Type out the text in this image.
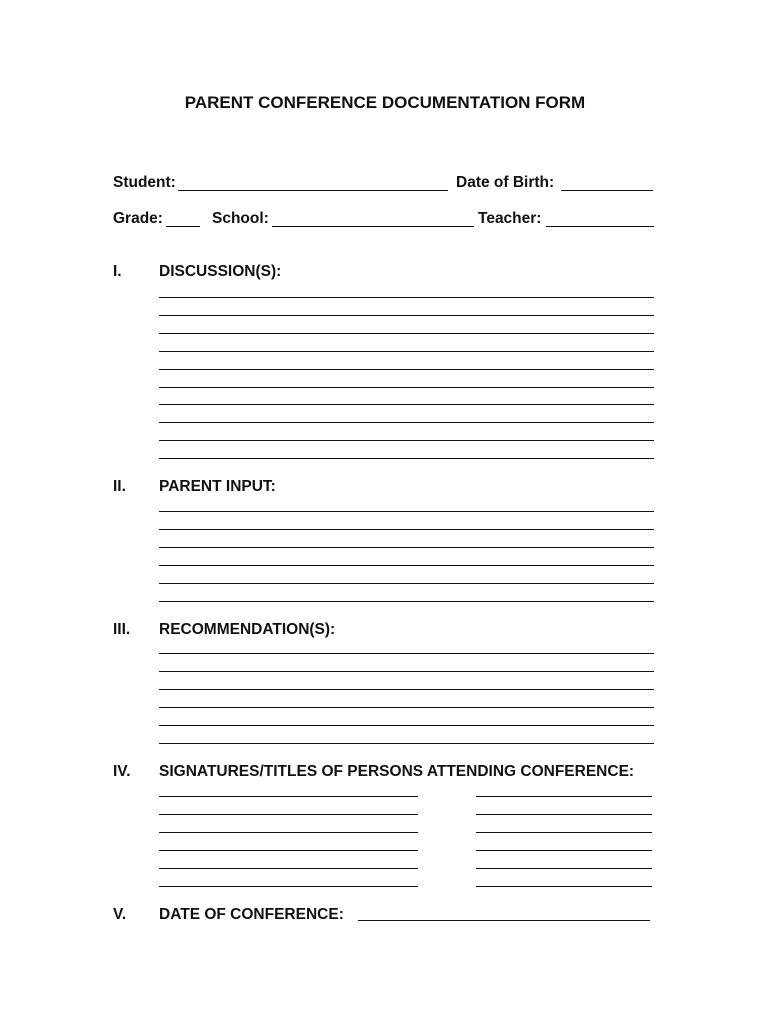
PARENT CONFERENCE DOCUMENTATION FORM
Student:	Date of Birth:
Grade:	School:	Teacher:
I. DISCUSSION(S):
II. PARENT INPUT:
III. RECOMMENDATION(S):
IV. SIGNATURES/TITLES OF PERSONS ATTENDING CONFERENCE:
V. DATE OF CONFERENCE:
